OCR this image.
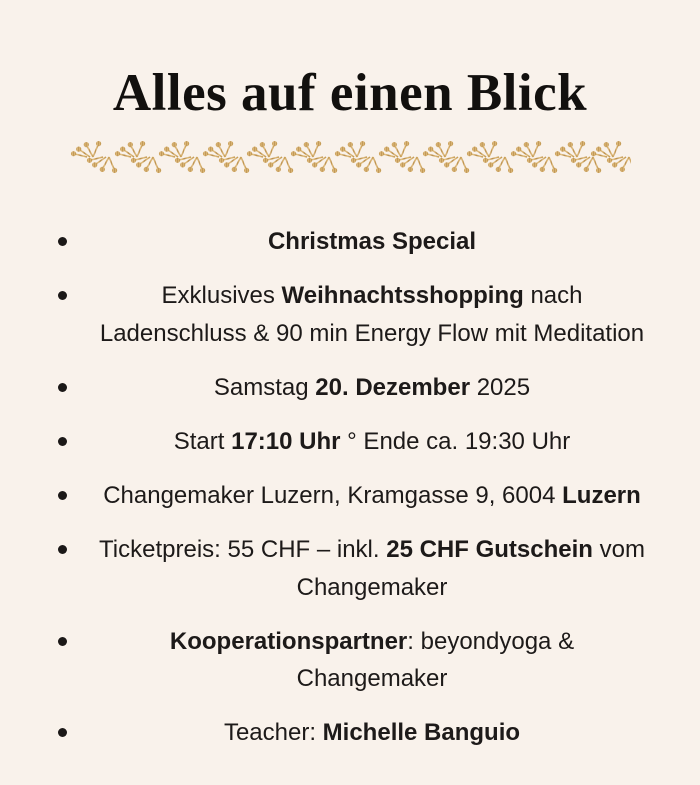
Alles auf einen Blick
Christmas Special
Exklusives Weihnachtsshopping nach
Ladenschluss & 90 min Energy Flow mit Meditation
Samstag 20. Dezember 2025
Start 17:10 Uhr ° Ende ca. 19:30 Uhr
Changemaker Luzern, Kramgasse 9, 6004 Luzern
Ticketpreis: 55 CHF – inkl. 25 CHF Gutschein vom
Changemaker
Kooperationspartner: beyondyoga &
Changemaker
Teacher: Michelle Banguio
